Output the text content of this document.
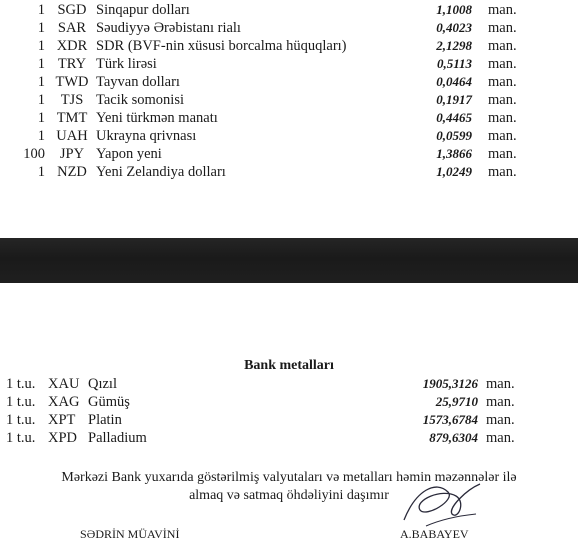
1 SGD Sinqapur dolları	1,1008 man.
1 SAR Səudiyyə Ərəbistanı rialı	0,4023 man.
1 XDR SDR (BVF-nin xüsusi borcalma hüquqları)	2,1298 man.
1 TRY Türk lirəsi	0,5113 man.
1 TWD Tayvan dolları	0,0464 man.
1	TJS Tacik somonisi	0,1917 man.
1 TMT Yeni türkmən manatı	0,4465 man.
1 UAH Ukrayna qrivnası	0,0599 man.
100	JPY Yapon yeni	1,3866 man.
1 NZD Yeni Zelandiya dolları	1,0249 man.
Bank metalları
1 t.u. XAU Qızıl	1905,3126 man.
1 t.u. XAG Gümüş	25,9710 man.
1 t.u. XPT Platin	1573,6784 man.
1 t.u. XPD Palladium	879,6304 man.
Mərkəzi Bank yuxarıda göstərilmiş valyutaları və metalları həmin məzənnələr ilə
almaq və satmaq öhdəliyini daşımır
SƏDRİN MÜAVİNİ	A.BABAYEV
